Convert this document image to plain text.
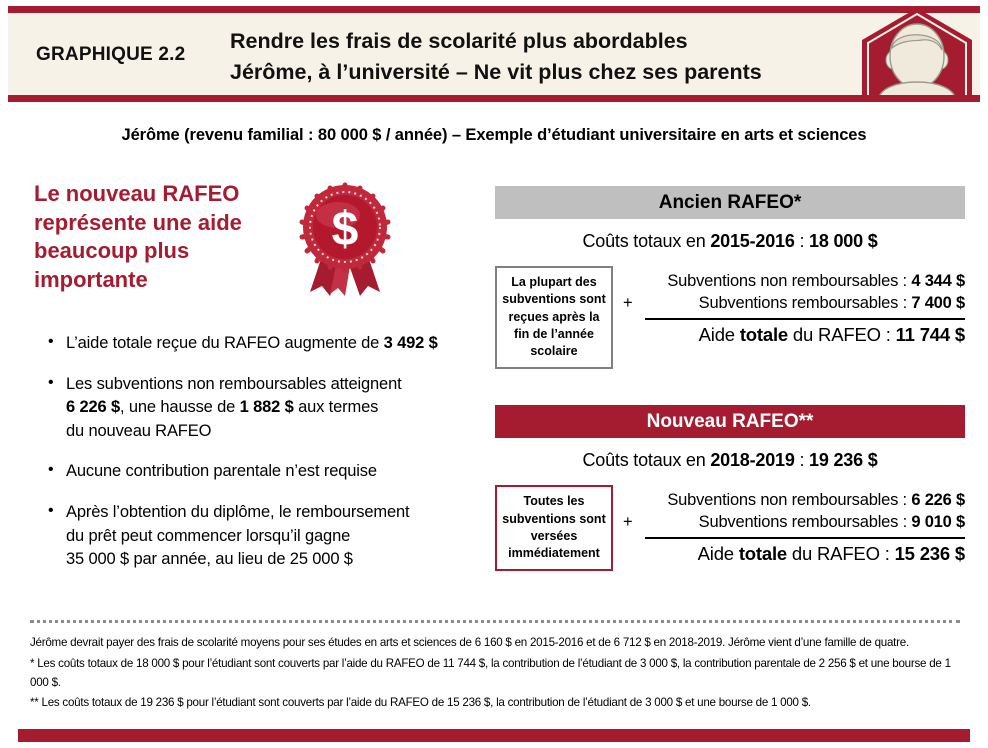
GRAPHIQUE 2.2
Rendre les frais de scolarité plus abordables
Jérôme, à l’université – Ne vit plus chez ses parents
Jérôme (revenu familial : 80 000 $ / année) – Exemple d’étudiant universitaire en arts et sciences
Le nouveau RAFEO représente une aide beaucoup plus importante
$
• L’aide totale reçue du RAFEO augmente de 3 492 $
• Les subventions non remboursables atteignent
6 226 $, une hausse de 1 882 $ aux termes
du nouveau RAFEO
• Aucune contribution parentale n’est requise
• Après l’obtention du diplôme, le remboursement
du prêt peut commencer lorsqu’il gagne
35 000 $ par année, au lieu de 25 000 $
Ancien RAFEO*
Coûts totaux en 2015-2016 : 18 000 $
La plupart des subventions sont reçues après la fin de l’année scolaire
Subventions non remboursables : 4 344 $
+	Subventions remboursables : 7 400 $
Aide totale du RAFEO : 11 744 $
Nouveau RAFEO**
Coûts totaux en 2018-2019 : 19 236 $
Toutes les subventions sont versées immédiatement
Subventions non remboursables : 6 226 $
+	Subventions remboursables : 9 010 $
Aide totale du RAFEO : 15 236 $

Jérôme devrait payer des frais de scolarité moyens pour ses études en arts et sciences de 6 160 $ en 2015-2016 et de 6 712 $ en 2018-2019. Jérôme vient d’une famille de quatre.

* Les coûts totaux de 18 000 $ pour l’étudiant sont couverts par l’aide du RAFEO de 11 744 $, la contribution de l’étudiant de 3 000 $, la contribution parentale de 2 256 $ et une bourse de 1 000 $.

** Les coûts totaux de 19 236 $ pour l’étudiant sont couverts par l’aide du RAFEO de 15 236 $, la contribution de l’étudiant de 3 000 $ et une bourse de 1 000 $.
